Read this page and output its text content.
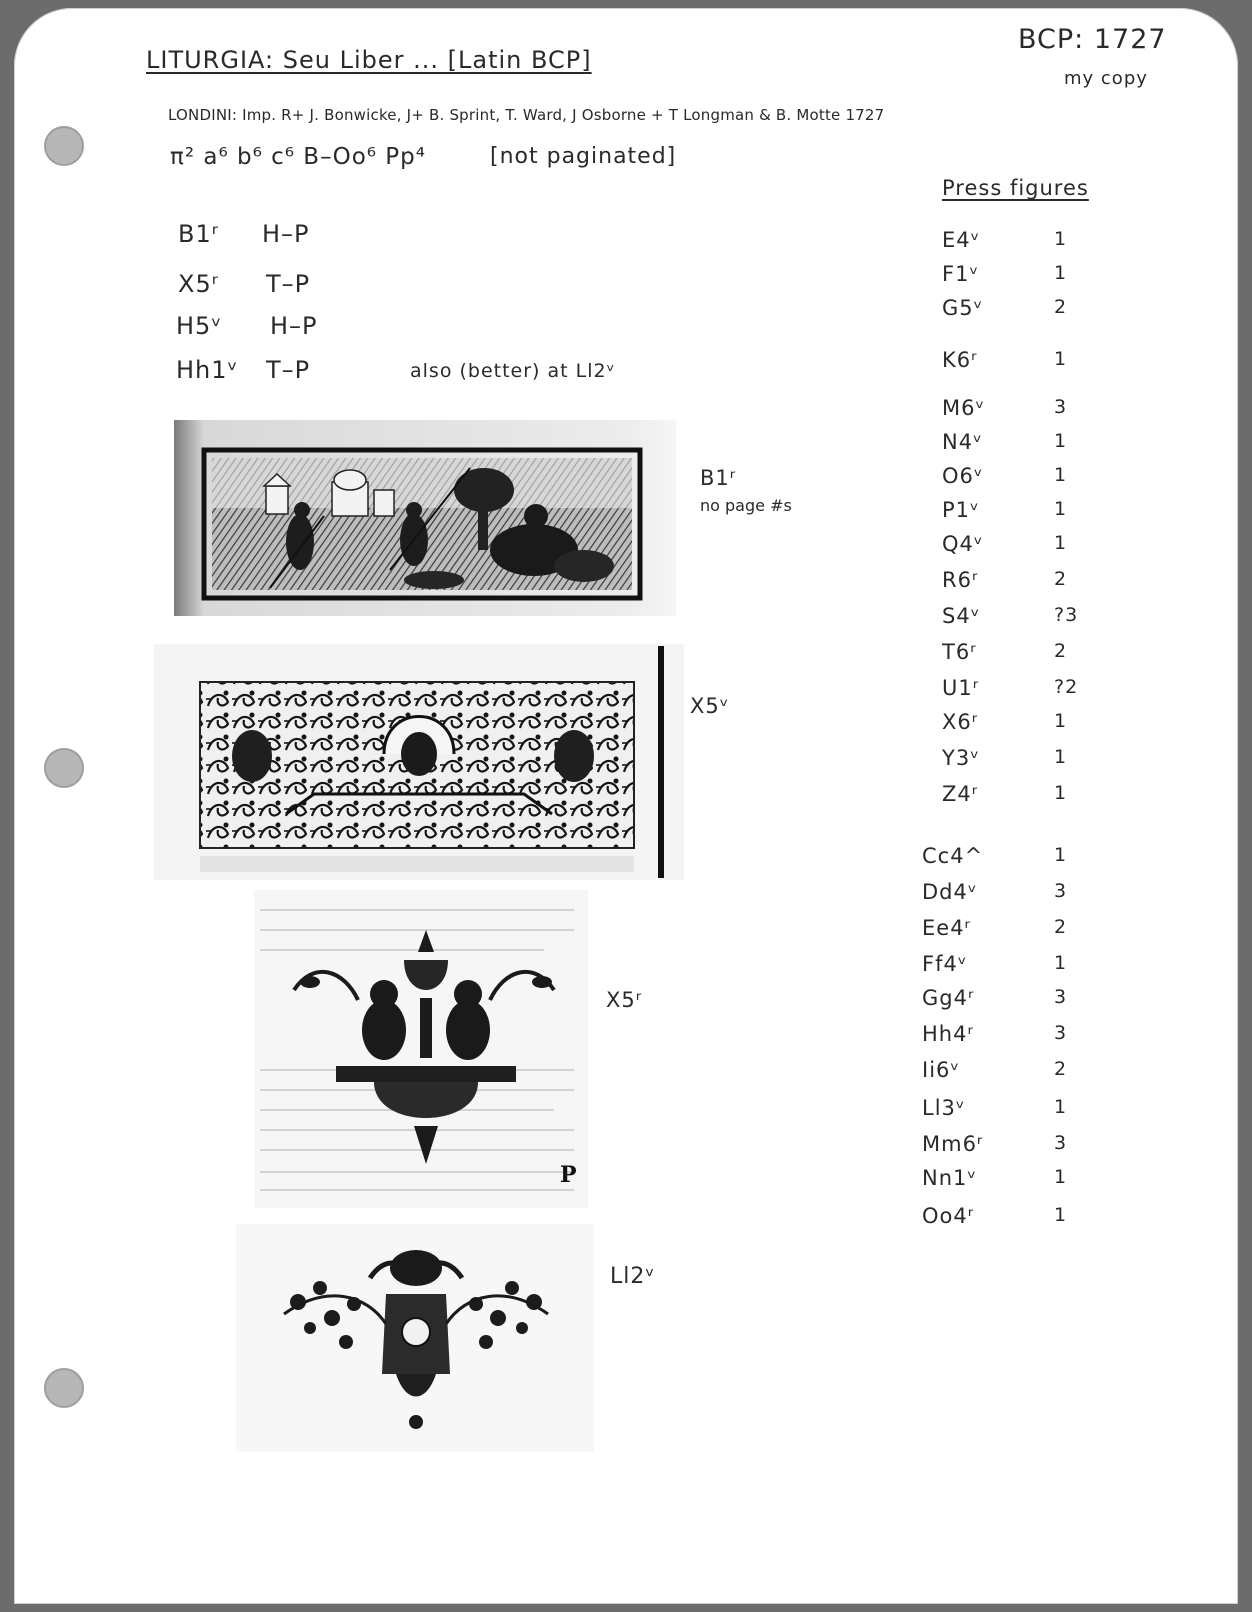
LITURGIA: Seu Liber ... [Latin BCP]
BCP: 1727
my copy
LONDINI: Imp. R+ J. Bonwicke, J+ B. Sprint, T. Ward, J Osborne + T Longman & B. Motte 1727
π² a⁶ b⁶ c⁶ B–Oo⁶ Pp⁴	[not paginated]
B1ʳ H–P
X5ʳ T–P
H5ᵛ H–P
Hh1ᵛ T–P	also (better) at Ll2ᵛ
B1ʳ
no page #s
X5ᵛ
P
X5ʳ
Ll2ᵛ
Press figures
E4ᵛ	1
F1ᵛ	1
G5ᵛ	2
K6ʳ	1
M6ᵛ	3
N4ᵛ	1
O6ᵛ	1
P1ᵛ	1
Q4ᵛ	1
R6ʳ	2
S4ᵛ	?3
T6ʳ	2
U1ʳ	?2
X6ʳ	1
Y3ᵛ	1
Z4ʳ	1
Cc4^	1
Dd4ᵛ	3
Ee4ʳ	2
Ff4ᵛ	1
Gg4ʳ	3
Hh4ʳ	3
Ii6ᵛ	2
Ll3ᵛ	1
Mm6ʳ	3
Nn1ᵛ	1
Oo4ʳ	1
